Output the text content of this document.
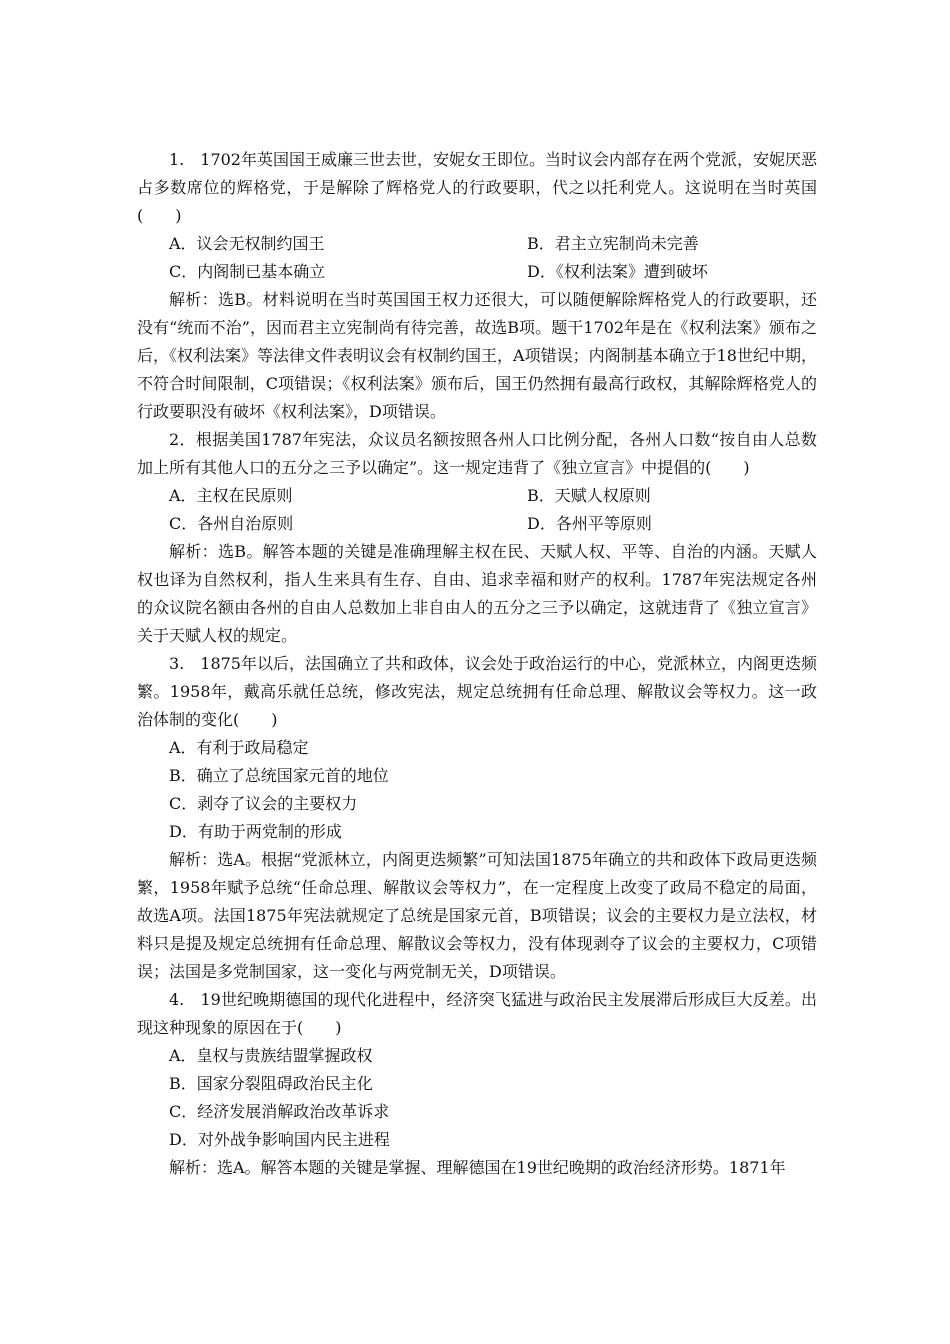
1.　1702年英国国王威廉三世去世，安妮女王即位。当时议会内部存在两个党派，安妮厌恶占多数席位的辉格党，于是解除了辉格党人的行政要职，代之以托利党人。这说明在当时英国(　　)

A．议会无权制约国王	B．君主立宪制尚未完善
C．内阁制已基本确立	D．《权利法案》遭到破坏

解析：选B。材料说明在当时英国国王权力还很大，可以随便解除辉格党人的行政要职，还没有“统而不治”，因而君主立宪制尚有待完善，故选B项。题干1702年是在《权利法案》颁布之后，《权利法案》等法律文件表明议会有权制约国王，A项错误；内阁制基本确立于18世纪中期，不符合时间限制，C项错误；《权利法案》颁布后，国王仍然拥有最高行政权，其解除辉格党人的行政要职没有破坏《权利法案》，D项错误。

2．根据美国1787年宪法，众议员名额按照各州人口比例分配，各州人口数“按自由人总数加上所有其他人口的五分之三予以确定”。这一规定违背了《独立宣言》中提倡的(　　)

A．主权在民原则	B．天赋人权原则
C．各州自治原则	D．各州平等原则

解析：选B。解答本题的关键是准确理解主权在民、天赋人权、平等、自治的内涵。天赋人权也译为自然权利，指人生来具有生存、自由、追求幸福和财产的权利。1787年宪法规定各州的众议院名额由各州的自由人总数加上非自由人的五分之三予以确定，这就违背了《独立宣言》关于天赋人权的规定。

3.　1875年以后，法国确立了共和政体，议会处于政治运行的中心，党派林立，内阁更迭频繁。1958年，戴高乐就任总统，修改宪法，规定总统拥有任命总理、解散议会等权力。这一政治体制的变化(　　)

A．有利于政局稳定
B．确立了总统国家元首的地位
C．剥夺了议会的主要权力
D．有助于两党制的形成

解析：选A。根据“党派林立，内阁更迭频繁”可知法国1875年确立的共和政体下政局更迭频繁，1958年赋予总统“任命总理、解散议会等权力”，在一定程度上改变了政局不稳定的局面，故选A项。法国1875年宪法就规定了总统是国家元首，B项错误；议会的主要权力是立法权，材料只是提及规定总统拥有任命总理、解散议会等权力，没有体现剥夺了议会的主要权力，C项错误；法国是多党制国家，这一变化与两党制无关，D项错误。

4.　19世纪晚期德国的现代化进程中，经济突飞猛进与政治民主发展滞后形成巨大反差。出现这种现象的原因在于(　　)

A．皇权与贵族结盟掌握政权
B．国家分裂阻碍政治民主化
C．经济发展消解政治改革诉求
D．对外战争影响国内民主进程

解析：选A。解答本题的关键是掌握、理解德国在19世纪晚期的政治经济形势。1871年
